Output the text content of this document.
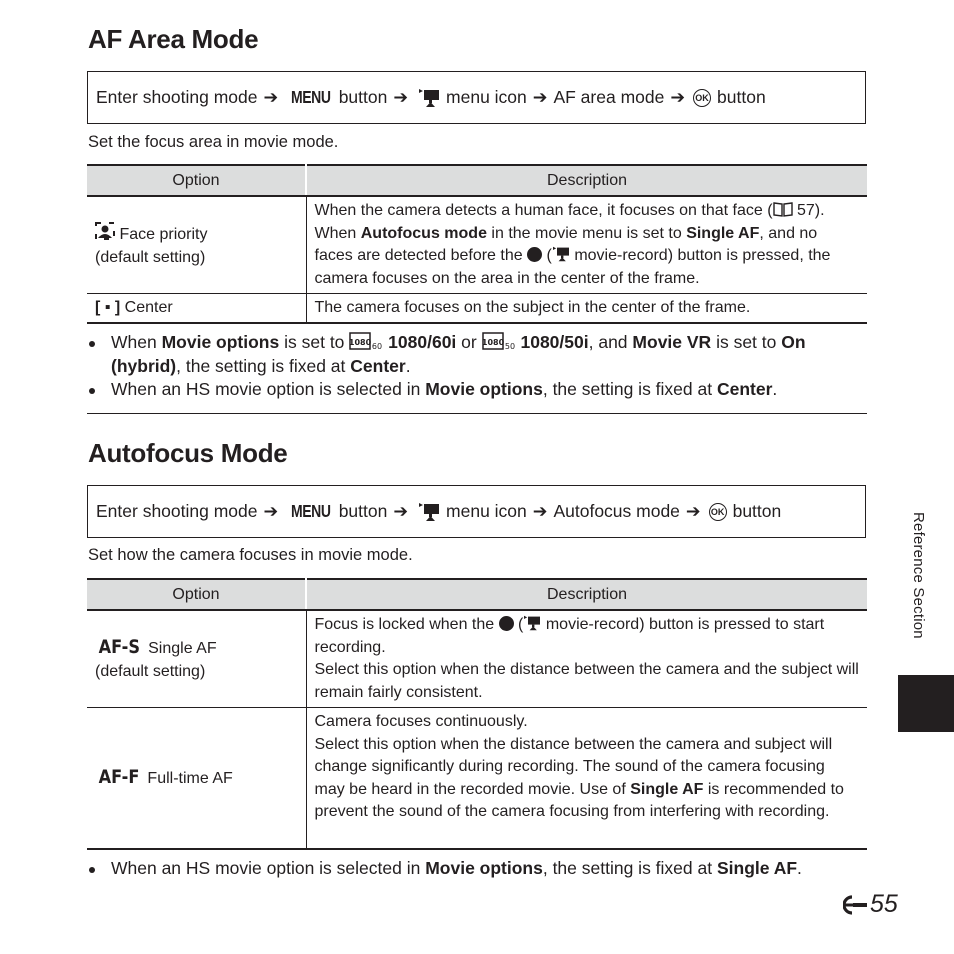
AF Area Mode
Enter shooting mode ➔ MENU button ➔ menu icon ➔ AF area mode ➔ OK button

Set the focus area in movie mode.

Option	Description
Face priority
(default setting)	When the camera detects a human face, it focuses on that face ( 57). When Autofocus mode in the movie menu is set to Single AF, and no faces are detected before the  ( movie-record) button is pressed, the camera focuses on the area in the center of the frame.
[ ▪ ] Center	The camera focuses on the subject in the center of the frame.
When Movie options is set to 1080 60 1080/60i or 1080 50 1080/50i, and Movie VR is set to On (hybrid), the setting is fixed at Center.
When an HS movie option is selected in Movie options, the setting is fixed at Center.
Autofocus Mode
Enter shooting mode ➔ MENU button ➔ menu icon ➔ Autofocus mode ➔ OK button

Set how the camera focuses in movie mode.

Option	Description
AF-S Single AF
(default setting)	Focus is locked when the  ( movie-record) button is pressed to start recording.
Select this option when the distance between the camera and the subject will remain fairly consistent.
AF-F Full-time AF	Camera focuses continuously.
Select this option when the distance between the camera and subject will change significantly during recording. The sound of the camera focusing may be heard in the recorded movie. Use of Single AF is recommended to prevent the sound of the camera focusing from interfering with recording.
When an HS movie option is selected in Movie options, the setting is fixed at Single AF.
Reference Section
55
